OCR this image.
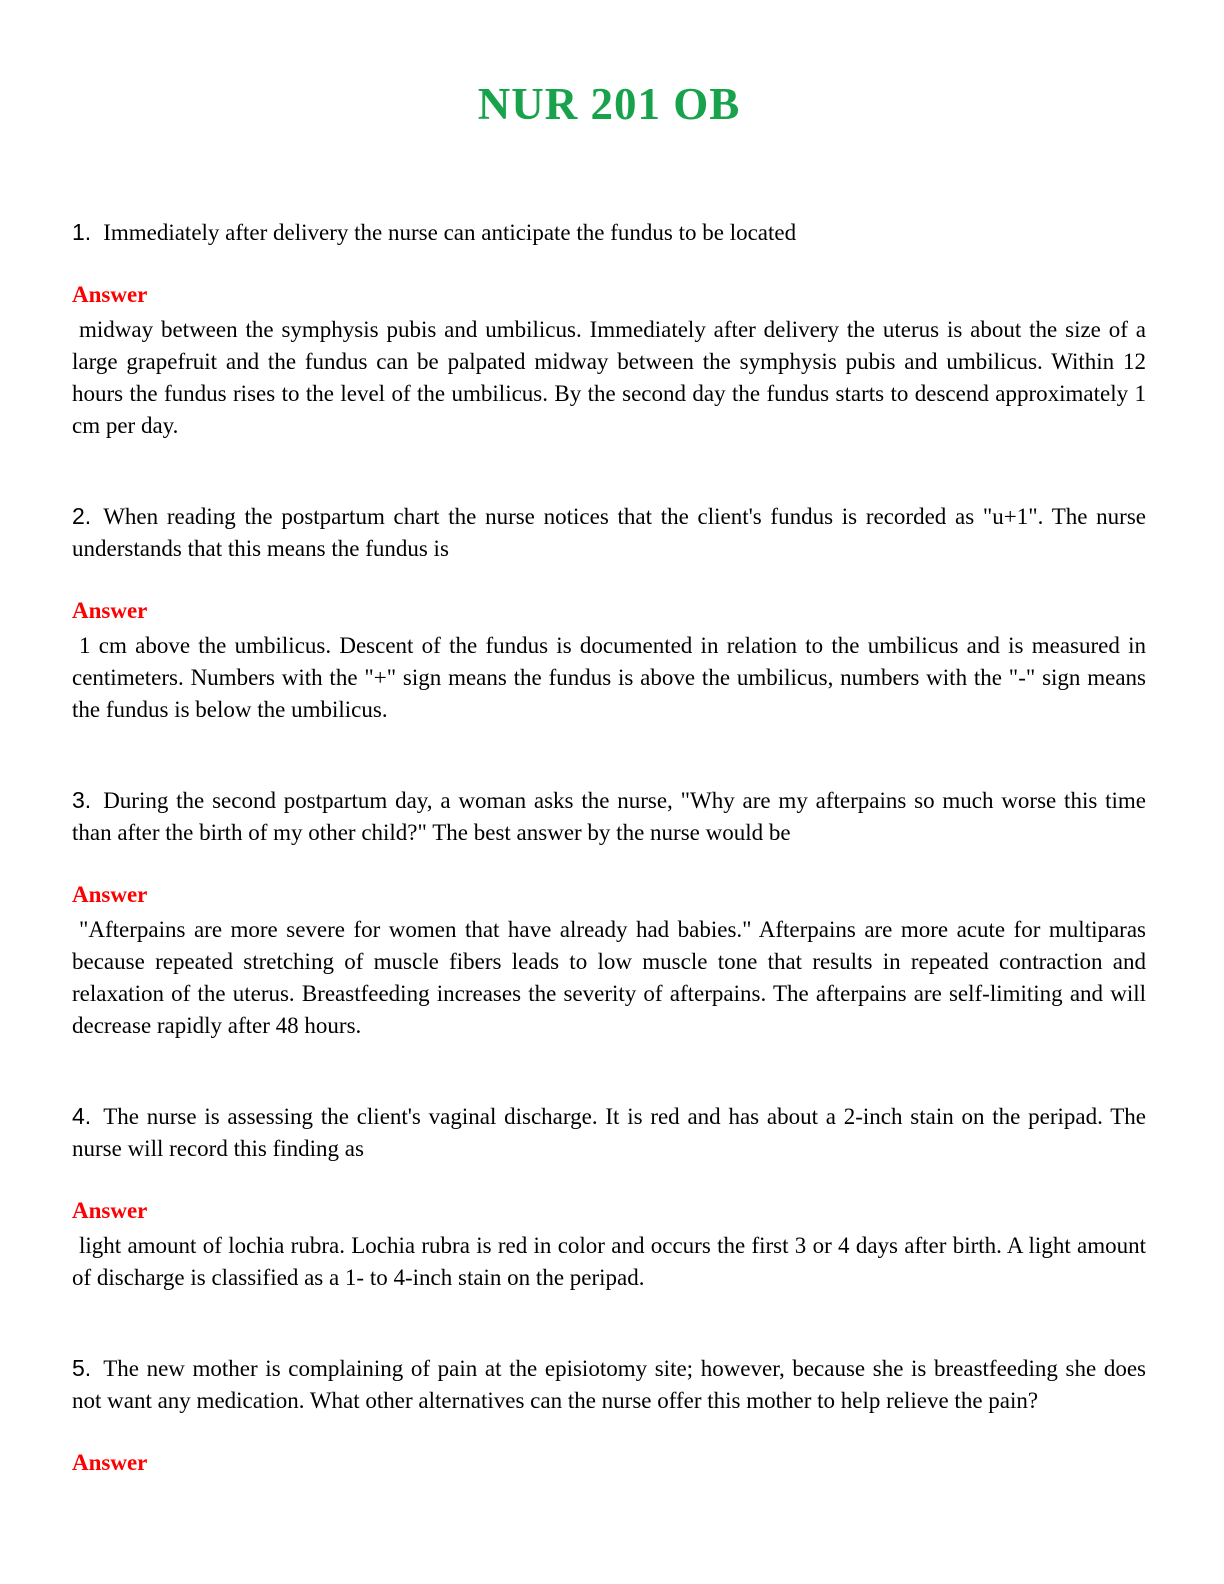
NUR 201 OB

1. Immediately after delivery the nurse can anticipate the fundus to be located

Answer

midway between the symphysis pubis and umbilicus. Immediately after delivery the uterus is about the size of a large grapefruit and the fundus can be palpated midway between the symphysis pubis and umbilicus. Within 12 hours the fundus rises to the level of the umbilicus. By the second day the fundus starts to descend approximately 1 cm per day.

2. When reading the postpartum chart the nurse notices that the client's fundus is recorded as "u+1". The nurse understands that this means the fundus is

Answer

1 cm above the umbilicus. Descent of the fundus is documented in relation to the umbilicus and is measured in centimeters. Numbers with the "+" sign means the fundus is above the umbilicus, numbers with the "-" sign means the fundus is below the umbilicus.

3. During the second postpartum day, a woman asks the nurse, "Why are my afterpains so much worse this time than after the birth of my other child?" The best answer by the nurse would be

Answer

"Afterpains are more severe for women that have already had babies." Afterpains are more acute for multiparas because repeated stretching of muscle fibers leads to low muscle tone that results in repeated contraction and relaxation of the uterus. Breastfeeding increases the severity of afterpains. The afterpains are self-limiting and will decrease rapidly after 48 hours.

4. The nurse is assessing the client's vaginal discharge. It is red and has about a 2-inch stain on the peripad. The nurse will record this finding as

Answer

light amount of lochia rubra. Lochia rubra is red in color and occurs the first 3 or 4 days after birth. A light amount of discharge is classified as a 1- to 4-inch stain on the peripad.

5. The new mother is complaining of pain at the episiotomy site; however, because she is breastfeeding she does not want any medication. What other alternatives can the nurse offer this mother to help relieve the pain?

Answer
